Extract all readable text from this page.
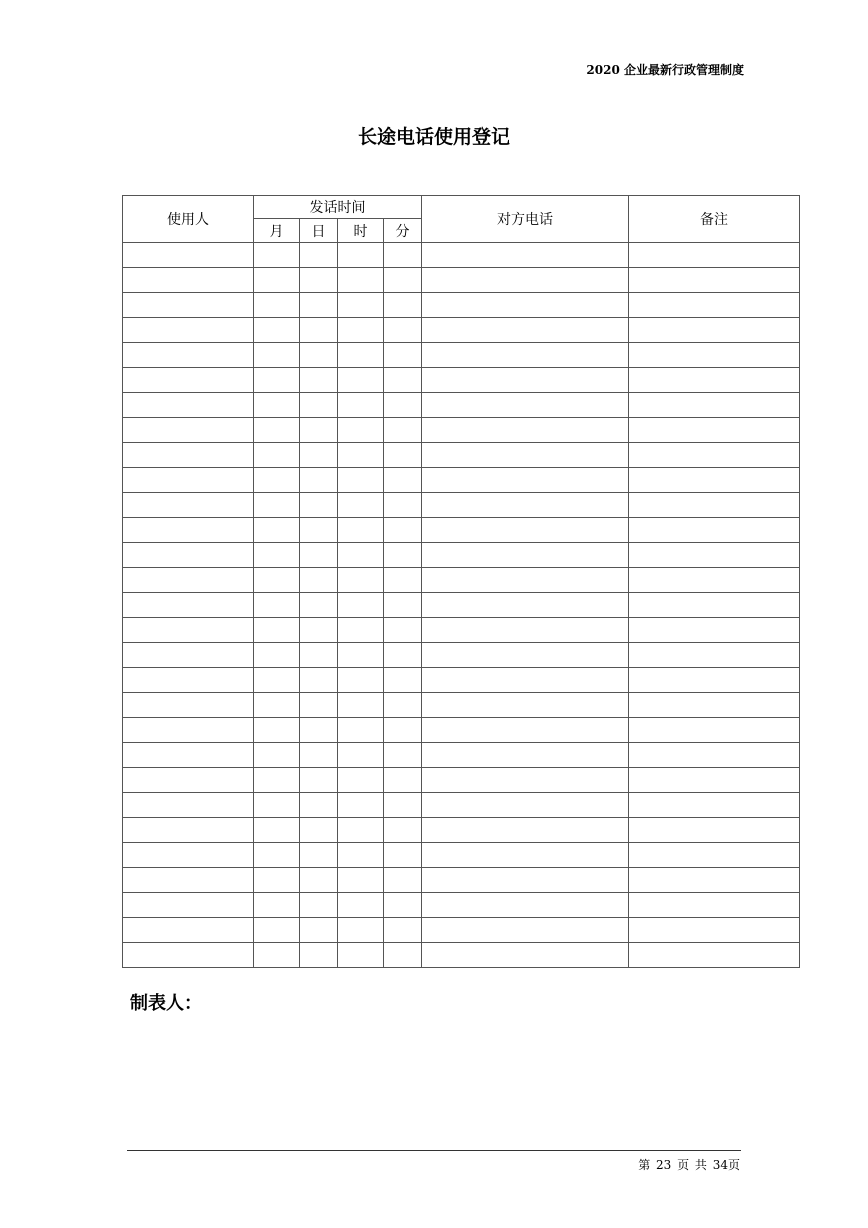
2020 企业最新行政管理制度
长途电话使用登记
使用人	发话时间				对方电话	备注
	月	日	时	分		

制表人：
第 23 页 共 34页
